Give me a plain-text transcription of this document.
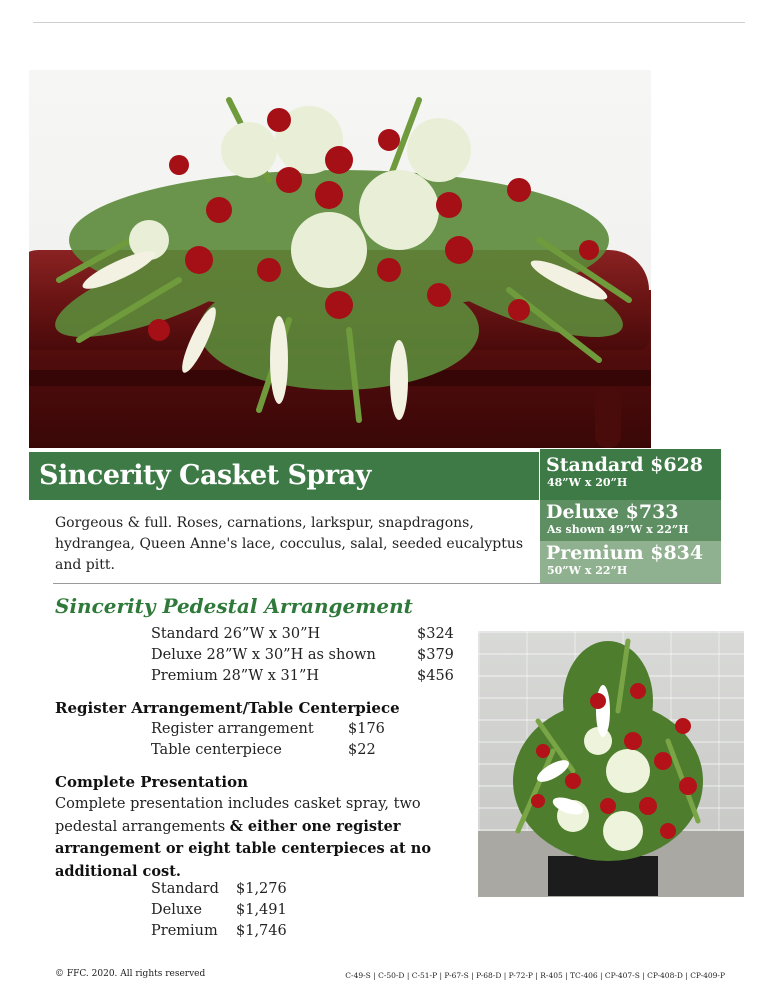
Sincerity Casket Spray	Standard $628
48”W x 20”H
Deluxe $733
As shown 49”W x 22”H
Premium $834
50”W x 22”H
Gorgeous & full. Roses, carnations, larkspur, snapdragons, hydrangea, Queen Anne's lace, cocculus, salal, seeded eucalyptus and pitt.
Sincerity Pedestal Arrangement
Standard 26”W x 30”H	$324
Deluxe 28”W x 30”H as shown	$379
Premium 28”W x 31”H	$456
Register Arrangement/Table Centerpiece
Register arrangement	$176
Table centerpiece	$22
Complete Presentation
Complete presentation includes casket spray, two pedestal arrangements & either one register arrangement or eight table centerpieces at no additional cost.
Standard	$1,276
Deluxe	$1,491
Premium	$1,746
© FFC. 2020. All rights reserved	C-49-S | C-50-D | C-51-P | P-67-S | P-68-D | P-72-P | R-405 | TC-406 | CP-407-S | CP-408-D | CP-409-P
